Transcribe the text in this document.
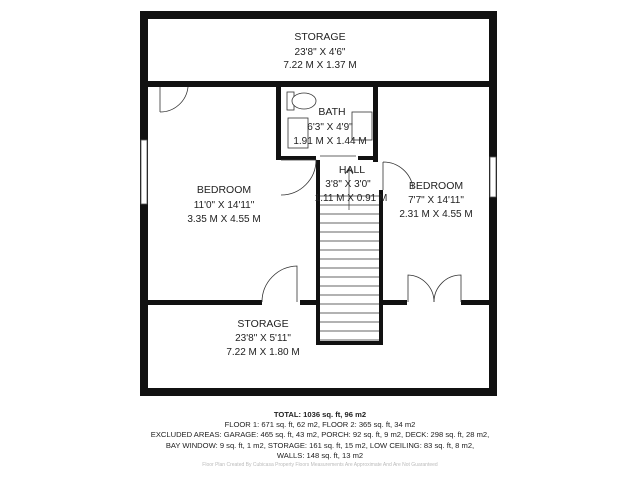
STORAGE
23'8" X 4'6"
7.22 M X 1.37 M
BEDROOM
11'0" X 14'11"
3.35 M X 4.55 M
BATH
6'3" X 4'9"
1.91 M X 1.44 M
HALL
3'8" X 3'0"
1.11 M X 0.91 M
BEDROOM
7'7" X 14'11"
2.31 M X 4.55 M
STORAGE
23'8" X 5'11"
7.22 M X 1.80 M
TOTAL: 1036 sq. ft, 96 m2
FLOOR 1: 671 sq. ft, 62 m2, FLOOR 2: 365 sq. ft, 34 m2
EXCLUDED AREAS: GARAGE: 465 sq. ft, 43 m2, PORCH: 92 sq. ft, 9 m2, DECK: 298 sq. ft, 28 m2,
BAY WINDOW: 9 sq. ft, 1 m2, STORAGE: 161 sq. ft, 15 m2, LOW CEILING: 83 sq. ft, 8 m2,
WALLS: 148 sq. ft, 13 m2
Floor Plan Created By Cubicasa Property Floors Measurements Are Approximate And Are Not Guaranteed
